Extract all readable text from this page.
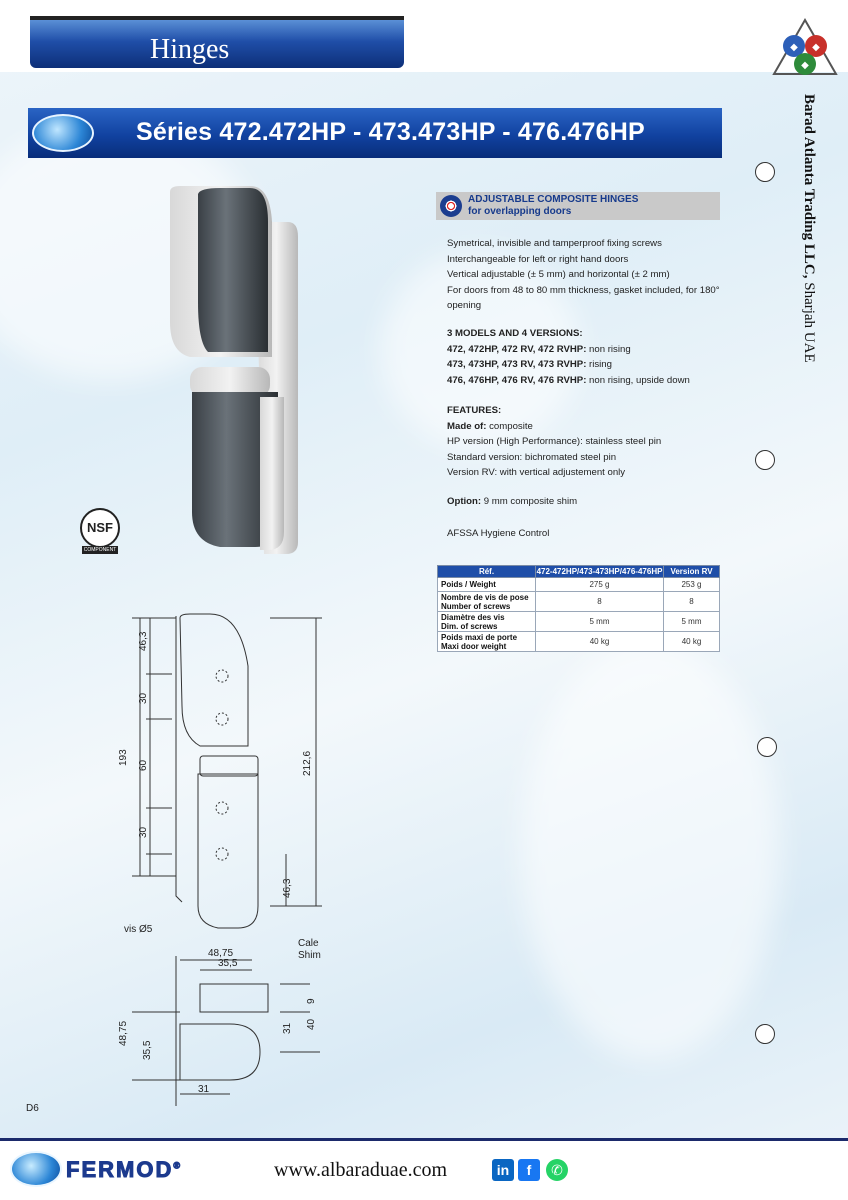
Hinges	◆ ◆
◆
Barad Atlanta Trading LLC, Sharjah UAE
Séries 472.472HP - 473.473HP - 476.476HP
NSF
COMPONENT
ADJUSTABLE COMPOSITE HINGES
for overlapping doors
Symetrical, invisible and tamperproof fixing screws
Interchangeable for left or right hand doors
Vertical adjustable (± 5 mm) and horizontal (± 2 mm)
For doors from 48 to 80 mm thickness, gasket included, for 180°
opening
3 MODELS AND 4 VERSIONS:
472, 472HP, 472 RV, 472 RVHP: non rising
473, 473HP, 473 RV, 473 RVHP: rising
476, 476HP, 476 RV, 476 RVHP: non rising, upside down
FEATURES:
Made of: composite
HP version (High Performance): stainless steel pin
Standard version: bichromated steel pin
Version RV: with vertical adjustement only
Option: 9 mm composite shim
AFSSA Hygiene Control
Réf.	472-472HP/473-473HP/476-476HP	Version RV
Poids / Weight	275 g	253 g

Nombre de vis de pose
Number of screws	8	8

Diamètre des vis
Dim. of screws	5 mm	5 mm

Poids maxi de porte
Maxi door weight	40 kg	40 kg
46,3
30
60
30
46,3
193	212,6
vis Ø5
Cale
Shim
48,75
35,5
9
31 40
48,75
35,5
31
D6
FERMOD®	www.albaraduae.com	in	f	✆
